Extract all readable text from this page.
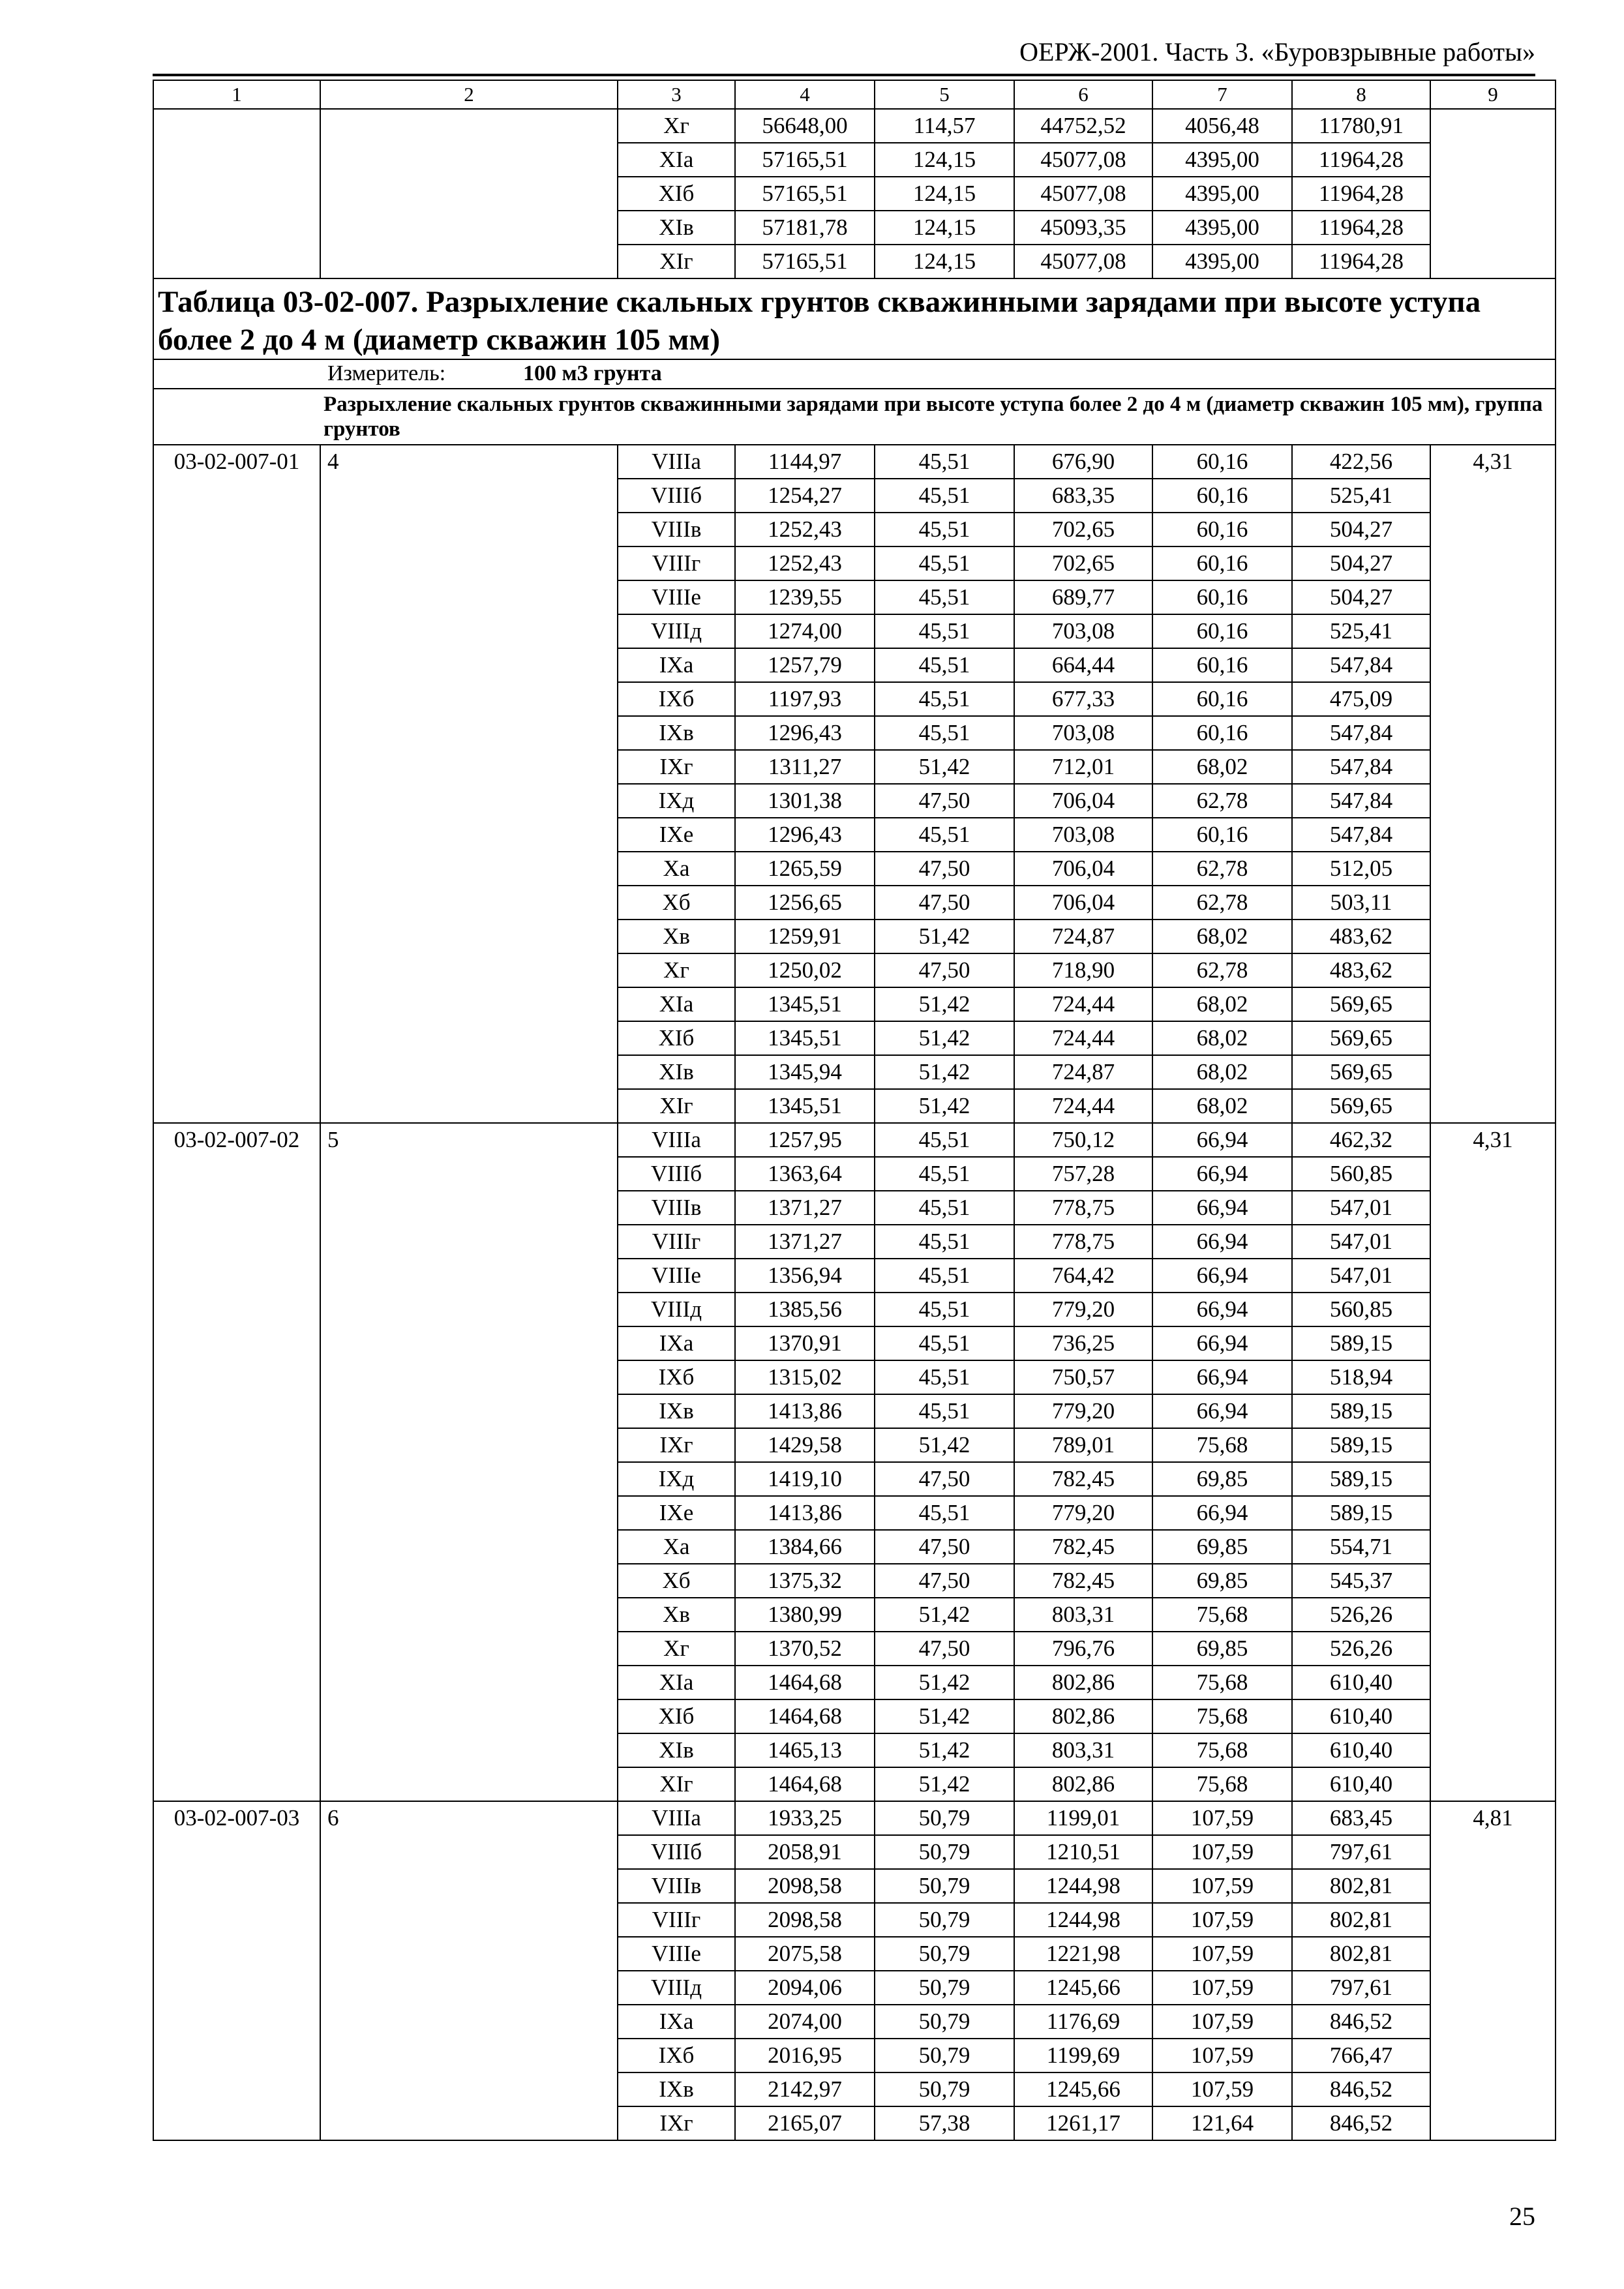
ОЕРЖ-2001. Часть 3. «Буровзрывные работы»
1	2	3	4	5	6	7	8	9
		Xг	56648,00	114,57	44752,52	4056,48	11780,91	
		XIа	57165,51	124,15	45077,08	4395,00	11964,28	
		XIб	57165,51	124,15	45077,08	4395,00	11964,28	
		XIв	57181,78	124,15	45093,35	4395,00	11964,28	
		XIг	57165,51	124,15	45077,08	4395,00	11964,28	
Таблица 03-02-007. Разрыхление скальных грунтов скважинными зарядами при высоте уступа более 2 до 4 м (диаметр скважин 105 мм)								
Измеритель: 100 м3 грунта								
Разрыхление скальных грунтов скважинными зарядами при высоте уступа более 2 до 4 м (диаметр скважин 105 мм), группа грунтов								
03-02-007-01	4	VIIIа	1144,97	45,51	676,90	60,16	422,56	4,31
		VIIIб	1254,27	45,51	683,35	60,16	525,41	
		VIIIв	1252,43	45,51	702,65	60,16	504,27	
		VIIIг	1252,43	45,51	702,65	60,16	504,27	
		VIIIе	1239,55	45,51	689,77	60,16	504,27	
		VIIIд	1274,00	45,51	703,08	60,16	525,41	
		IXа	1257,79	45,51	664,44	60,16	547,84	
		IXб	1197,93	45,51	677,33	60,16	475,09	
		IXв	1296,43	45,51	703,08	60,16	547,84	
		IXг	1311,27	51,42	712,01	68,02	547,84	
		IXд	1301,38	47,50	706,04	62,78	547,84	
		IXе	1296,43	45,51	703,08	60,16	547,84	
		Xа	1265,59	47,50	706,04	62,78	512,05	
		Xб	1256,65	47,50	706,04	62,78	503,11	
		Xв	1259,91	51,42	724,87	68,02	483,62	
		Xг	1250,02	47,50	718,90	62,78	483,62	
		XIа	1345,51	51,42	724,44	68,02	569,65	
		XIб	1345,51	51,42	724,44	68,02	569,65	
		XIв	1345,94	51,42	724,87	68,02	569,65	
		XIг	1345,51	51,42	724,44	68,02	569,65	
03-02-007-02	5	VIIIа	1257,95	45,51	750,12	66,94	462,32	4,31
		VIIIб	1363,64	45,51	757,28	66,94	560,85	
		VIIIв	1371,27	45,51	778,75	66,94	547,01	
		VIIIг	1371,27	45,51	778,75	66,94	547,01	
		VIIIе	1356,94	45,51	764,42	66,94	547,01	
		VIIIд	1385,56	45,51	779,20	66,94	560,85	
		IXа	1370,91	45,51	736,25	66,94	589,15	
		IXб	1315,02	45,51	750,57	66,94	518,94	
		IXв	1413,86	45,51	779,20	66,94	589,15	
		IXг	1429,58	51,42	789,01	75,68	589,15	
		IXд	1419,10	47,50	782,45	69,85	589,15	
		IXе	1413,86	45,51	779,20	66,94	589,15	
		Xа	1384,66	47,50	782,45	69,85	554,71	
		Xб	1375,32	47,50	782,45	69,85	545,37	
		Xв	1380,99	51,42	803,31	75,68	526,26	
		Xг	1370,52	47,50	796,76	69,85	526,26	
		XIа	1464,68	51,42	802,86	75,68	610,40	
		XIб	1464,68	51,42	802,86	75,68	610,40	
		XIв	1465,13	51,42	803,31	75,68	610,40	
		XIг	1464,68	51,42	802,86	75,68	610,40	
03-02-007-03	6	VIIIа	1933,25	50,79	1199,01	107,59	683,45	4,81
		VIIIб	2058,91	50,79	1210,51	107,59	797,61	
		VIIIв	2098,58	50,79	1244,98	107,59	802,81	
		VIIIг	2098,58	50,79	1244,98	107,59	802,81	
		VIIIе	2075,58	50,79	1221,98	107,59	802,81	
		VIIIд	2094,06	50,79	1245,66	107,59	797,61	
		IXа	2074,00	50,79	1176,69	107,59	846,52	
		IXб	2016,95	50,79	1199,69	107,59	766,47	
		IXв	2142,97	50,79	1245,66	107,59	846,52	
		IXг	2165,07	57,38	1261,17	121,64	846,52	
25
